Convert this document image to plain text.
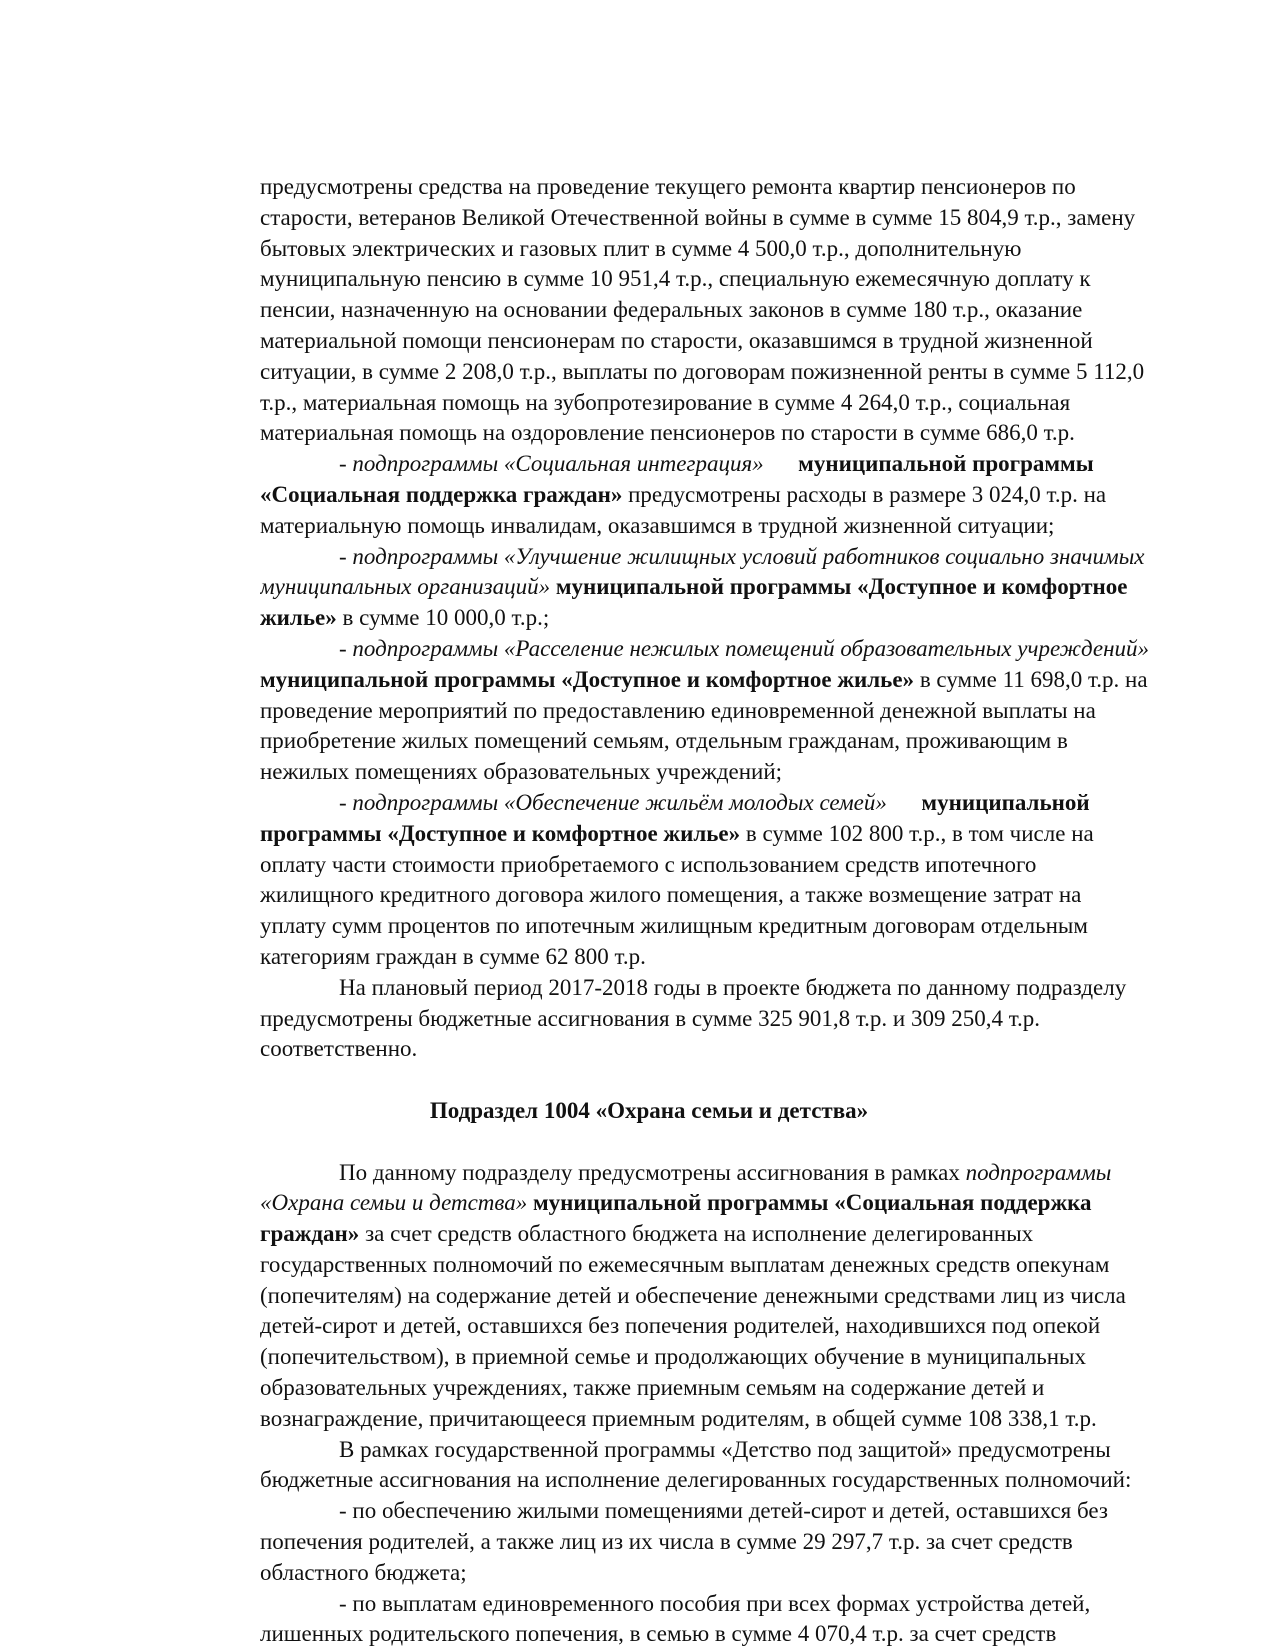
предусмотрены средства на проведение текущего ремонта квартир пенсионеров по
старости, ветеранов Великой Отечественной войны в сумме в сумме 15 804,9 т.р., замену
бытовых электрических и газовых плит в сумме 4 500,0 т.р., дополнительную
муниципальную пенсию в сумме 10 951,4 т.р., специальную ежемесячную доплату к
пенсии, назначенную на основании федеральных законов в сумме 180 т.р., оказание
материальной помощи пенсионерам по старости, оказавшимся в трудной жизненной
ситуации, в сумме 2 208,0 т.р., выплаты по договорам пожизненной ренты в сумме 5 112,0
т.р., материальная помощь на зубопротезирование в сумме 4 264,0 т.р., социальная
материальная помощь на оздоровление пенсионеров по старости в сумме 686,0 т.р.
- подпрограммы «Социальная интеграция» муниципальной программы
«Социальная поддержка граждан» предусмотрены расходы в размере 3 024,0 т.р. на
материальную помощь инвалидам, оказавшимся в трудной жизненной ситуации;
- подпрограммы «Улучшение жилищных условий работников социально значимых
муниципальных организаций» муниципальной программы «Доступное и комфортное
жилье» в сумме 10 000,0 т.р.;
- подпрограммы «Расселение нежилых помещений образовательных учреждений»
муниципальной программы «Доступное и комфортное жилье» в сумме 11 698,0 т.р. на
проведение мероприятий по предоставлению единовременной денежной выплаты на
приобретение жилых помещений семьям, отдельным гражданам, проживающим в
нежилых помещениях образовательных учреждений;
- подпрограммы «Обеспечение жильём молодых семей»      муниципальной
программы «Доступное и комфортное жилье» в сумме 102 800 т.р., в том числе на
оплату части стоимости приобретаемого с использованием средств ипотечного
жилищного кредитного договора жилого помещения, а также возмещение затрат на
уплату сумм процентов по ипотечным жилищным кредитным договорам отдельным
категориям граждан в сумме 62 800 т.р.
На плановый период 2017-2018 годы в проекте бюджета по данному подразделу
предусмотрены бюджетные ассигнования в сумме 325 901,8 т.р. и 309 250,4 т.р.
соответственно.
Подраздел 1004 «Охрана семьи и детства»
По данному подразделу предусмотрены ассигнования в рамках подпрограммы
«Охрана семьи и детства» муниципальной программы «Социальная поддержка
граждан» за счет средств областного бюджета на исполнение делегированных
государственных полномочий по ежемесячным выплатам денежных средств опекунам
(попечителям) на содержание детей и обеспечение денежными средствами лиц из числа
детей-сирот и детей, оставшихся без попечения родителей, находившихся под опекой
(попечительством), в приемной семье и продолжающих обучение в муниципальных
образовательных учреждениях, также приемным семьям на содержание детей и
вознаграждение, причитающееся приемным родителям, в общей сумме 108 338,1 т.р.
В рамках государственной программы «Детство под защитой» предусмотрены
бюджетные ассигнования на исполнение делегированных государственных полномочий:
- по обеспечению жилыми помещениями детей-сирот и детей, оставшихся без
попечения родителей, а также лиц из их числа в сумме 29 297,7 т.р. за счет средств
областного бюджета;
- по выплатам единовременного пособия при всех формах устройства детей,
лишенных родительского попечения, в семью в сумме 4 070,4 т.р. за счет средств
